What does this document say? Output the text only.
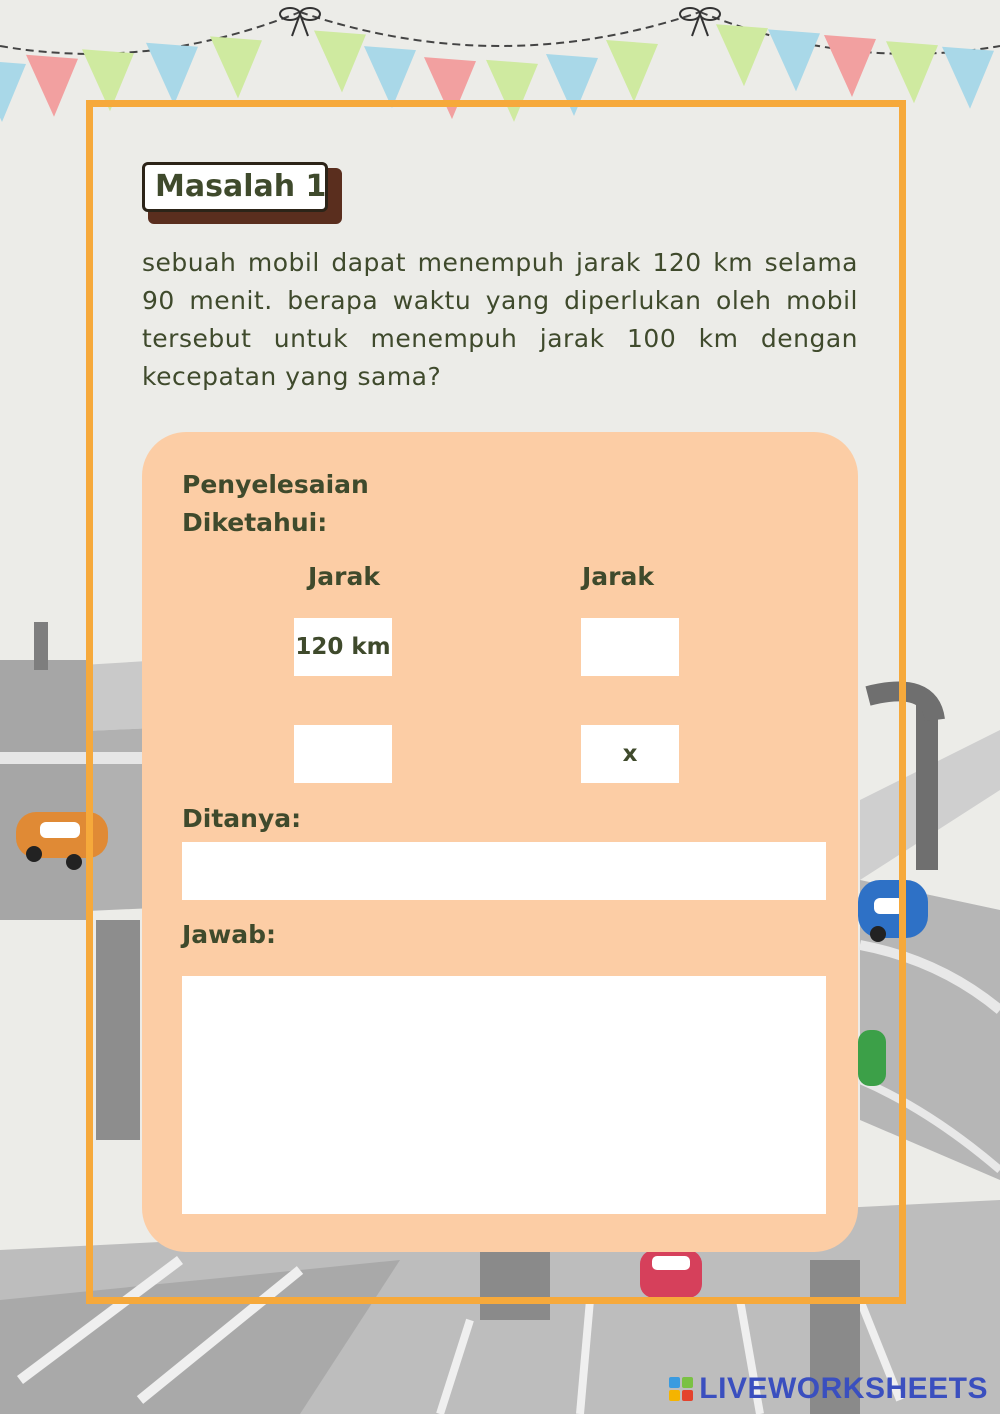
Masalah 1
sebuah mobil dapat menempuh jarak 120 km selama 90 menit. berapa waktu yang diperlukan oleh mobil tersebut untuk menempuh jarak 100 km dengan kecepatan yang sama?
Penyelesaian
Diketahui:
Jarak	Jarak
120 km
x
Ditanya:
Jawab:
LIVEWORKSHEETS
